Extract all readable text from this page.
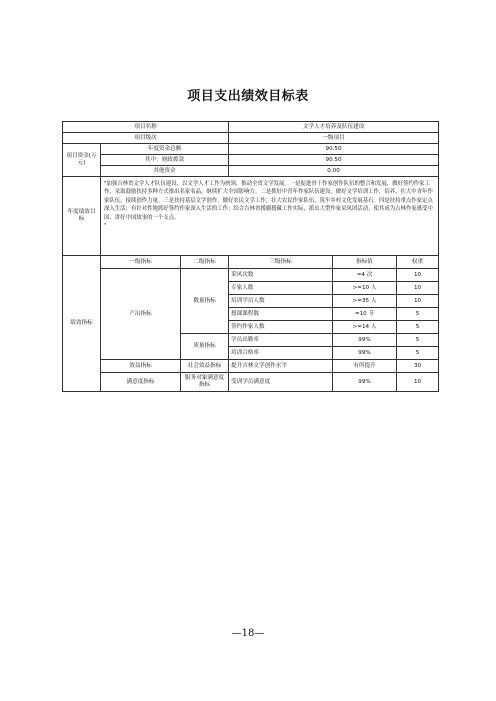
项目支出绩效目标表
项目名称			文学人才培养及队伍建设		
项目级次			一级项目		
项目资金(万元)	年度资金总额		90.50		
	其中：财政拨款		90.50		
	其他资金		0.00		
年度绩效目标	"加强吉林省文学人才队伍建设，以文学人才工作为统领，推动全省文学发展。一是促进骨干作家创作队伍的整合和发展，做好签约作家工作，采取鼓励扶持多种方式推出名家名品，继续扩大全国影响力。二是抓好中青年作家队伍建设，做好文学培训工作，培养、壮大中青年作家队伍，接续创作力量。三是扶持基层文学创作，做好农民文学工作，壮大农民作家队伍，筑牢乡村文化发展基石。四是扶持重点作家定点深入生活；有针对性地抓好签约作家深入生活的工作；结合吉林省援疆援藏工作实际，派出大型作家采风团活动，使其成为吉林作家感受中国、讲好中国故事的一个支点。
"				

绩效指标	一级指标	二级指标	三级指标	指标值	权重
	产出指标	数量指标	采风次数	=4 次	10
			专家人数	>=10 人	10
			培训学员人数	>=35 人	10
			授课课程数	=10 节	5
			签约作家人数	>=14 人	5
		质量指标	学员出勤率	99%	5
			培训合格率	99%	5
	效益指标	社会效益指标	提升吉林文学创作水平	有所提升	30
	满意度指标	服务对象满意度指标	受训学员满意度	99%	10
—18—
